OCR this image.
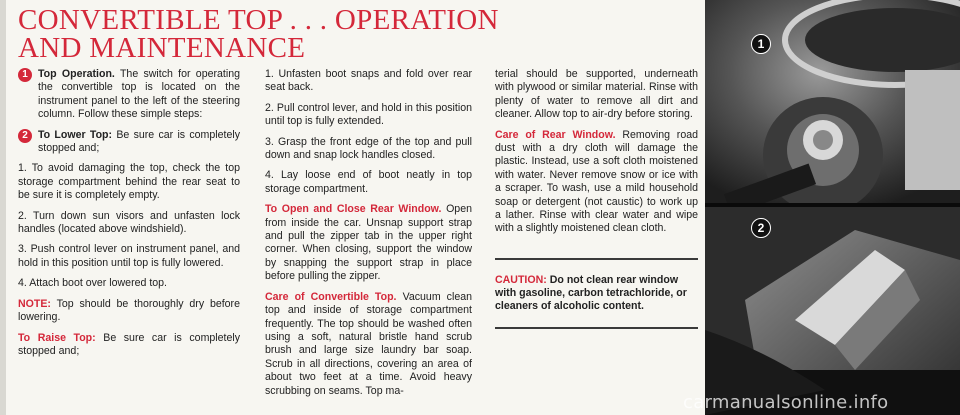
CONVERTIBLE TOP . . . OPERATION
AND MAINTENANCE
1 Top Operation. The switch for operating the convertible top is located on the instrument panel to the left of the steering column. Follow these simple steps:
2 To Lower Top: Be sure car is completely stopped and;

1. To avoid damaging the top, check the top storage compartment behind the rear seat to be sure it is completely empty.

2. Turn down sun visors and unfasten lock handles (located above windshield).

3. Push control lever on instrument panel, and hold in this position until top is fully lowered.

4. Attach boot over lowered top.

NOTE: Top should be thoroughly dry before lowering.

To Raise Top: Be sure car is completely stopped and;

1. Unfasten boot snaps and fold over rear seat back.

2. Pull control lever, and hold in this position until top is fully extended.

3. Grasp the front edge of the top and pull down and snap lock handles closed.

4. Lay loose end of boot neatly in top storage compartment.

To Open and Close Rear Window. Open from inside the car. Unsnap support strap and pull the zipper tab in the upper right corner. When closing, support the window by snapping the support strap in place before pulling the zipper.

Care of Convertible Top. Vacuum clean top and inside of storage compartment frequently. The top should be washed often using a soft, natural bristle hand scrub brush and large size laundry bar soap. Scrub in all directions, covering an area of about two feet at a time. Avoid heavy scrubbing on seams. Top ma-

terial should be supported, underneath with plywood or similar material. Rinse with plenty of water to remove all dirt and cleaner. Allow top to air-dry before storing.

Care of Rear Window. Removing road dust with a dry cloth will damage the plastic. Instead, use a soft cloth moistened with water. Never remove snow or ice with a scraper. To wash, use a mild household soap or detergent (not caustic) to work up a lather. Rinse with clear water and wipe with a slightly moistened clean cloth.

CAUTION: Do not clean rear window with gasoline, carbon tetrachloride, or cleaners of alcoholic content.
1
2
carmanualsonline.info
